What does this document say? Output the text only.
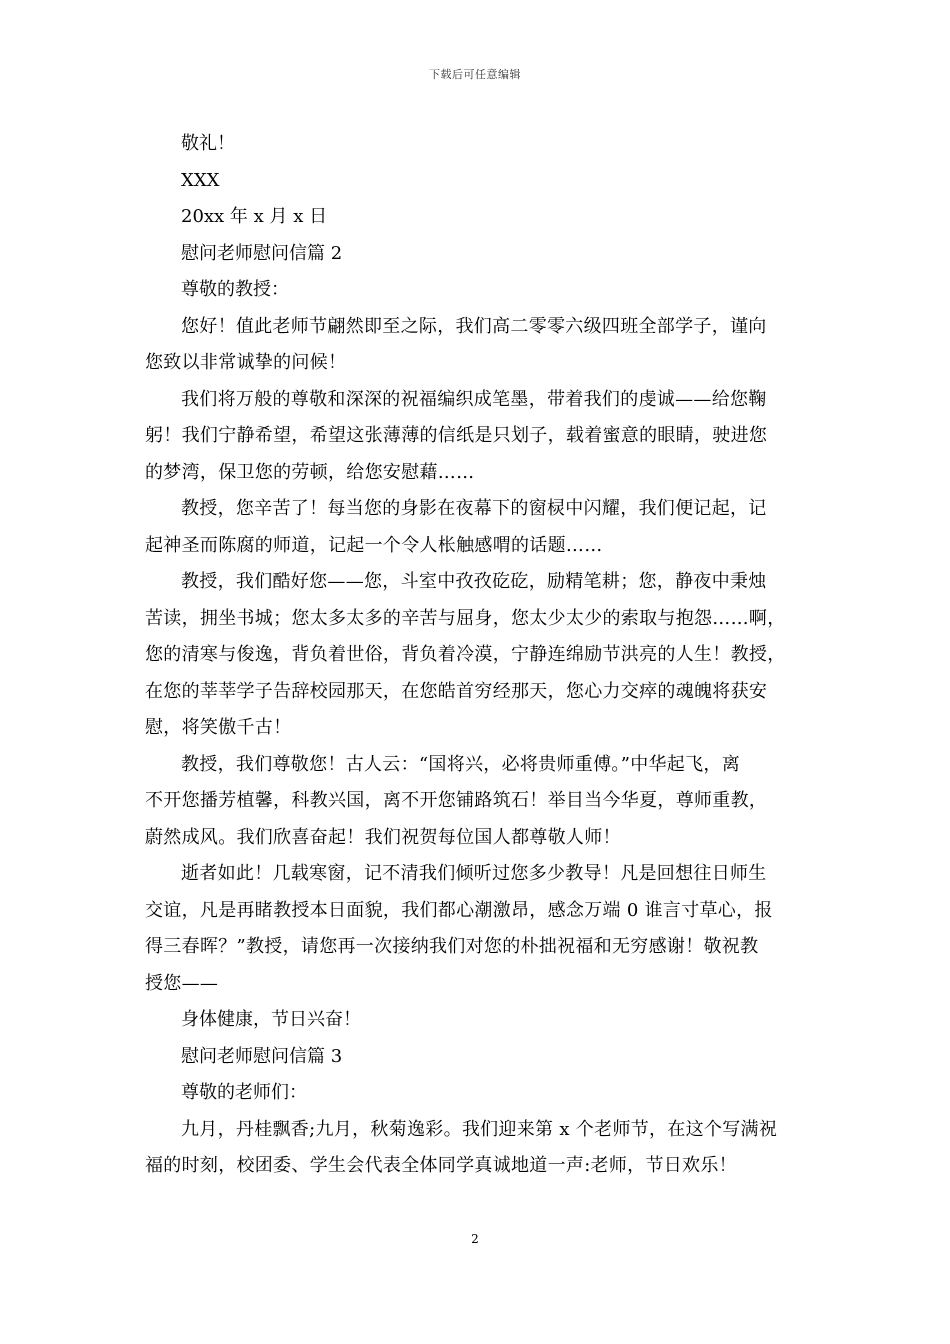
下载后可任意编辑

敬礼！

XXX

20xx 年 x 月 x 日

慰问老师慰问信篇 2

尊敬的教授：

您好！值此老师节翩然即至之际，我们高二零零六级四班全部学子，谨向
您致以非常诚挚的问候！
我们将万般的尊敬和深深的祝福编织成笔墨，带着我们的虔诚——给您鞠
躬！我们宁静希望，希望这张薄薄的信纸是只划子，载着蜜意的眼睛，驶进您
的梦湾，保卫您的劳顿，给您安慰藉……
教授，您辛苦了！每当您的身影在夜幕下的窗棂中闪耀，我们便记起，记
起神圣而陈腐的师道，记起一个令人枨触感喟的话题……
教授，我们酷好您——您，斗室中孜孜矻矻，励精笔耕；您，静夜中秉烛
苦读，拥坐书城；您太多太多的辛苦与屈身，您太少太少的索取与抱怨……啊，
您的清寒与俊逸，背负着世俗，背负着冷漠，宁静连绵励节洪亮的人生！教授，
在您的莘莘学子告辞校园那天，在您皓首穷经那天，您心力交瘁的魂魄将获安
慰，将笑傲千古！
教授，我们尊敬您！古人云：“国将兴，必将贵师重傅。”中华起飞，离
不开您播芳植馨，科教兴国，离不开您铺路筑石！举目当今华夏，尊师重教，
蔚然成风。我们欣喜奋起！我们祝贺每位国人都尊敬人师！
逝者如此！几载寒窗，记不清我们倾听过您多少教导！凡是回想往日师生
交谊，凡是再睹教授本日面貌，我们都心潮激昂，感念万端 0 谁言寸草心，报
得三春晖？”教授，请您再一次接纳我们对您的朴拙祝福和无穷感谢！敬祝教
授您——

身体健康，节日兴奋！

慰问老师慰问信篇 3

尊敬的老师们：

九月，丹桂飘香;九月，秋菊逸彩。我们迎来第 x 个老师节，在这个写满祝
福的时刻，校团委、学生会代表全体同学真诚地道一声:老师，节日欢乐！
2
